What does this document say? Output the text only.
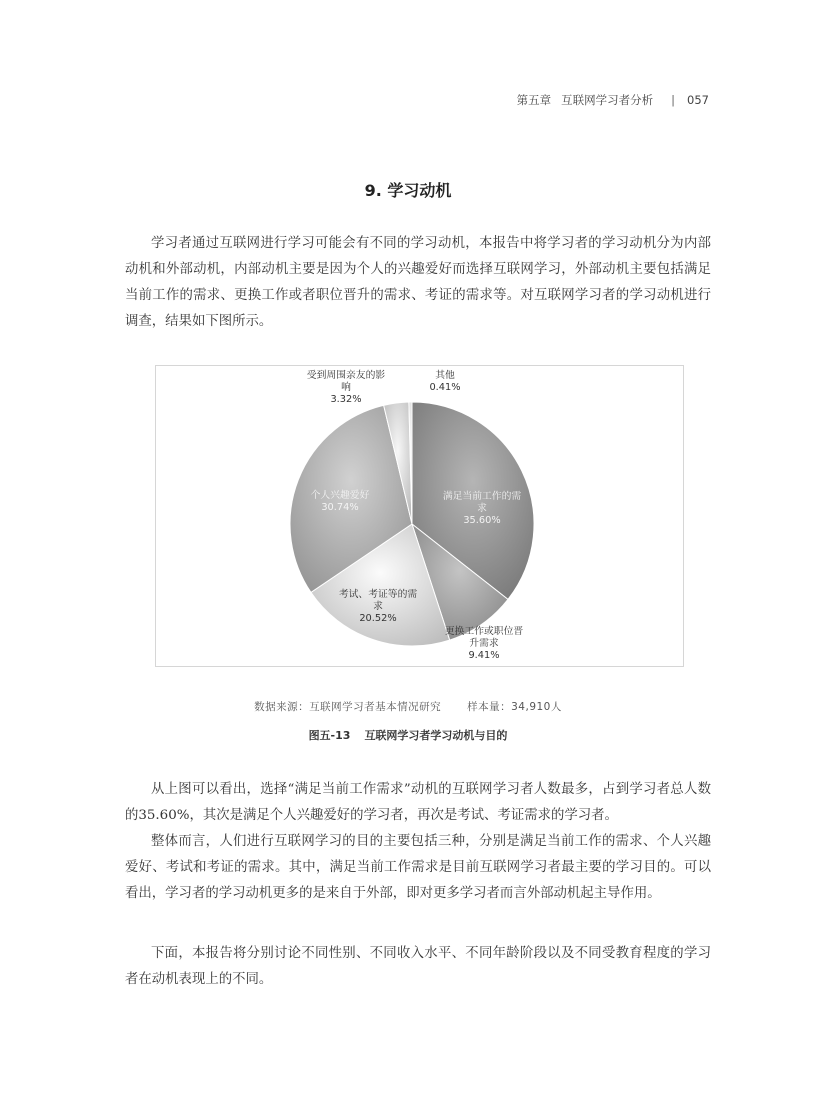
第五章 互联网学习者分析 | 057
9. 学习动机

学习者通过互联网进行学习可能会有不同的学习动机，本报告中将学习者的学习动机分为内部动机和外部动机，内部动机主要是因为个人的兴趣爱好而选择互联网学习，外部动机主要包括满足当前工作的需求、更换工作或者职位晋升的需求、考证的需求等。对互联网学习者的学习动机进行调查，结果如下图所示。

满足当前工作的需求 35.60%
更换工作或职位晋升需求 9.41%
考试、考证等的需求 20.52%
个人兴趣爱好 30.74%
受到周围亲友的影响 3.32%
其他 0.41%
数据来源：互联网学习者基本情况研究 样本量：34,910人
图五-13 互联网学习者学习动机与目的

从上图可以看出，选择“满足当前工作需求”动机的互联网学习者人数最多，占到学习者总人数的35.60%，其次是满足个人兴趣爱好的学习者，再次是考试、考证需求的学习者。

整体而言，人们进行互联网学习的目的主要包括三种，分别是满足当前工作的需求、个人兴趣爱好、考试和考证的需求。其中，满足当前工作需求是目前互联网学习者最主要的学习目的。可以看出，学习者的学习动机更多的是来自于外部，即对更多学习者而言外部动机起主导作用。

下面，本报告将分别讨论不同性别、不同收入水平、不同年龄阶段以及不同受教育程度的学习者在动机表现上的不同。
